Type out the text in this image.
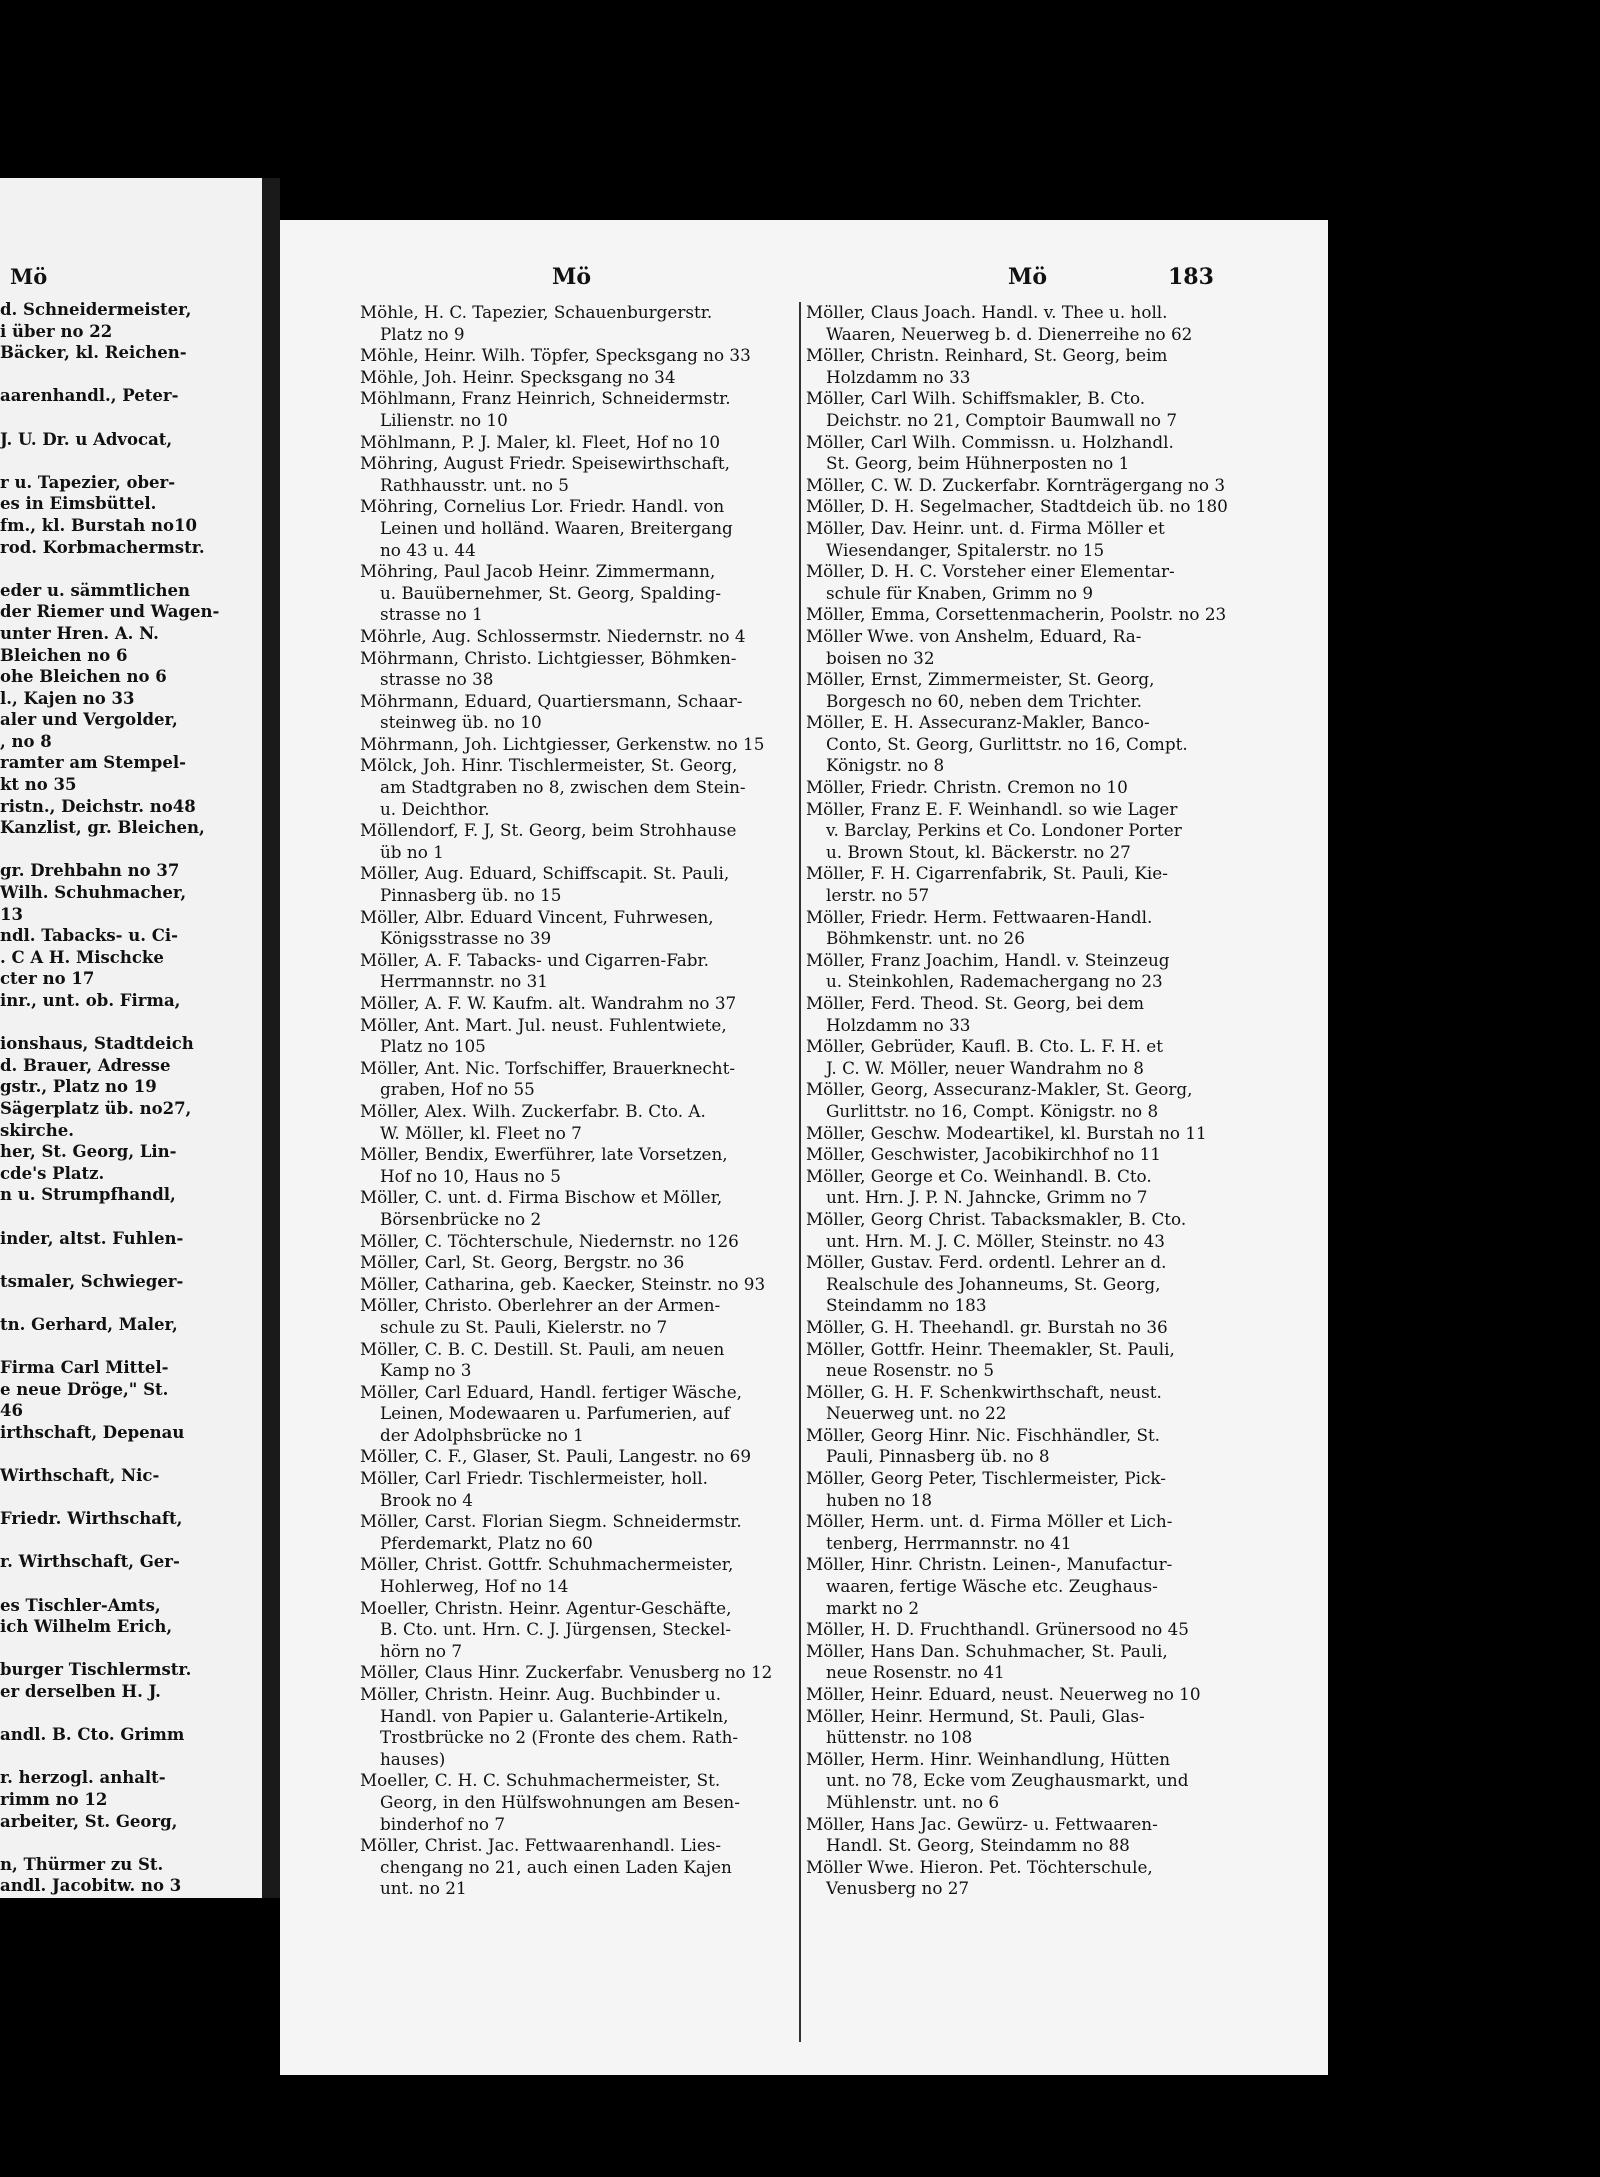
Mö
d. Schneidermeister,
i über no 22
Bäcker, kl. Reichen-
aarenhandl., Peter-
J. U. Dr. u Advocat,
r u. Tapezier, ober-
es in Eimsbüttel.
fm., kl. Burstah no10
rod. Korbmachermstr.
eder u. sämmtlichen
der Riemer und Wagen-
unter Hren. A. N.
Bleichen no 6
ohe Bleichen no 6
l., Kajen no 33
aler und Vergolder,
, no 8
ramter am Stempel-
kt no 35
ristn., Deichstr. no48
Kanzlist, gr. Bleichen,
gr. Drehbahn no 37
Wilh. Schuhmacher,
13
ndl. Tabacks- u. Ci-
. C A H. Mischcke
cter no 17
inr., unt. ob. Firma,
ionshaus, Stadtdeich
d. Brauer, Adresse
gstr., Platz no 19
Sägerplatz üb. no27,
skirche.
her, St. Georg, Lin-
cde's Platz.
n u. Strumpfhandl,
inder, altst. Fuhlen-
tsmaler, Schwieger-
tn. Gerhard, Maler,
Firma Carl Mittel-
e neue Dröge," St.
46
irthschaft, Depenau
Wirthschaft, Nic-
Friedr. Wirthschaft,
r. Wirthschaft, Ger-
es Tischler-Amts,
ich Wilhelm Erich,
burger Tischlermstr.
er derselben H. J.
andl. B. Cto. Grimm
r. herzogl. anhalt-
rimm no 12
arbeiter, St. Georg,
n, Thürmer zu St.
andl. Jacobitw. no 3
Mö	Mö	183

Möhle, H. C. Tapezier, Schauenburgerstr.
Platz no 9

Möhle, Heinr. Wilh. Töpfer, Specksgang no 33

Möhle, Joh. Heinr. Specksgang no 34

Möhlmann, Franz Heinrich, Schneidermstr.
Lilienstr. no 10

Möhlmann, P. J. Maler, kl. Fleet, Hof no 10

Möhring, August Friedr. Speisewirthschaft,
Rathhausstr. unt. no 5

Möhring, Cornelius Lor. Friedr. Handl. von
Leinen und holländ. Waaren, Breitergang
no 43 u. 44

Möhring, Paul Jacob Heinr. Zimmermann,
u. Bauübernehmer, St. Georg, Spalding-
strasse no 1

Möhrle, Aug. Schlossermstr. Niedernstr. no 4

Möhrmann, Christo. Lichtgiesser, Böhmken-
strasse no 38

Möhrmann, Eduard, Quartiersmann, Schaar-
steinweg üb. no 10

Möhrmann, Joh. Lichtgiesser, Gerkenstw. no 15

Mölck, Joh. Hinr. Tischlermeister, St. Georg,
am Stadtgraben no 8, zwischen dem Stein-
u. Deichthor.

Möllendorf, F. J, St. Georg, beim Strohhause
üb no 1

Möller, Aug. Eduard, Schiffscapit. St. Pauli,
Pinnasberg üb. no 15

Möller, Albr. Eduard Vincent, Fuhrwesen,
Königsstrasse no 39

Möller, A. F. Tabacks- und Cigarren-Fabr.
Herrmannstr. no 31

Möller, A. F. W. Kaufm. alt. Wandrahm no 37

Möller, Ant. Mart. Jul. neust. Fuhlentwiete,
Platz no 105

Möller, Ant. Nic. Torfschiffer, Brauerknecht-
graben, Hof no 55

Möller, Alex. Wilh. Zuckerfabr. B. Cto. A.
W. Möller, kl. Fleet no 7

Möller, Bendix, Ewerführer, late Vorsetzen,
Hof no 10, Haus no 5

Möller, C. unt. d. Firma Bischow et Möller,
Börsenbrücke no 2

Möller, C. Töchterschule, Niedernstr. no 126

Möller, Carl, St. Georg, Bergstr. no 36

Möller, Catharina, geb. Kaecker, Steinstr. no 93

Möller, Christo. Oberlehrer an der Armen-
schule zu St. Pauli, Kielerstr. no 7

Möller, C. B. C. Destill. St. Pauli, am neuen
Kamp no 3

Möller, Carl Eduard, Handl. fertiger Wäsche,
Leinen, Modewaaren u. Parfumerien, auf
der Adolphsbrücke no 1

Möller, C. F., Glaser, St. Pauli, Langestr. no 69

Möller, Carl Friedr. Tischlermeister, holl.
Brook no 4

Möller, Carst. Florian Siegm. Schneidermstr.
Pferdemarkt, Platz no 60

Möller, Christ. Gottfr. Schuhmachermeister,
Hohlerweg, Hof no 14

Moeller, Christn. Heinr. Agentur-Geschäfte,
B. Cto. unt. Hrn. C. J. Jürgensen, Steckel-
hörn no 7

Möller, Claus Hinr. Zuckerfabr. Venusberg no 12

Möller, Christn. Heinr. Aug. Buchbinder u.
Handl. von Papier u. Galanterie-Artikeln,
Trostbrücke no 2 (Fronte des chem. Rath-
hauses)

Moeller, C. H. C. Schuhmachermeister, St.
Georg, in den Hülfswohnungen am Besen-
binderhof no 7

Möller, Christ. Jac. Fettwaarenhandl. Lies-
chengang no 21, auch einen Laden Kajen
unt. no 21

Möller, Claus Joach. Handl. v. Thee u. holl.
Waaren, Neuerweg b. d. Dienerreihe no 62

Möller, Christn. Reinhard, St. Georg, beim
Holzdamm no 33

Möller, Carl Wilh. Schiffsmakler, B. Cto.
Deichstr. no 21, Comptoir Baumwall no 7

Möller, Carl Wilh. Commissn. u. Holzhandl.
St. Georg, beim Hühnerposten no 1

Möller, C. W. D. Zuckerfabr. Kornträgergang no 3

Möller, D. H. Segelmacher, Stadtdeich üb. no 180

Möller, Dav. Heinr. unt. d. Firma Möller et
Wiesendanger, Spitalerstr. no 15

Möller, D. H. C. Vorsteher einer Elementar-
schule für Knaben, Grimm no 9

Möller, Emma, Corsettenmacherin, Poolstr. no 23

Möller Wwe. von Anshelm, Eduard, Ra-
boisen no 32

Möller, Ernst, Zimmermeister, St. Georg,
Borgesch no 60, neben dem Trichter.

Möller, E. H. Assecuranz-Makler, Banco-
Conto, St. Georg, Gurlittstr. no 16, Compt.
Königstr. no 8

Möller, Friedr. Christn. Cremon no 10

Möller, Franz E. F. Weinhandl. so wie Lager
v. Barclay, Perkins et Co. Londoner Porter
u. Brown Stout, kl. Bäckerstr. no 27

Möller, F. H. Cigarrenfabrik, St. Pauli, Kie-
lerstr. no 57

Möller, Friedr. Herm. Fettwaaren-Handl.
Böhmkenstr. unt. no 26

Möller, Franz Joachim, Handl. v. Steinzeug
u. Steinkohlen, Rademachergang no 23

Möller, Ferd. Theod. St. Georg, bei dem
Holzdamm no 33

Möller, Gebrüder, Kaufl. B. Cto. L. F. H. et
J. C. W. Möller, neuer Wandrahm no 8

Möller, Georg, Assecuranz-Makler, St. Georg,
Gurlittstr. no 16, Compt. Königstr. no 8

Möller, Geschw. Modeartikel, kl. Burstah no 11

Möller, Geschwister, Jacobikirchhof no 11

Möller, George et Co. Weinhandl. B. Cto.
unt. Hrn. J. P. N. Jahncke, Grimm no 7

Möller, Georg Christ. Tabacksmakler, B. Cto.
unt. Hrn. M. J. C. Möller, Steinstr. no 43

Möller, Gustav. Ferd. ordentl. Lehrer an d.
Realschule des Johanneums, St. Georg,
Steindamm no 183

Möller, G. H. Theehandl. gr. Burstah no 36

Möller, Gottfr. Heinr. Theemakler, St. Pauli,
neue Rosenstr. no 5

Möller, G. H. F. Schenkwirthschaft, neust.
Neuerweg unt. no 22

Möller, Georg Hinr. Nic. Fischhändler, St.
Pauli, Pinnasberg üb. no 8

Möller, Georg Peter, Tischlermeister, Pick-
huben no 18

Möller, Herm. unt. d. Firma Möller et Lich-
tenberg, Herrmannstr. no 41

Möller, Hinr. Christn. Leinen-, Manufactur-
waaren, fertige Wäsche etc. Zeughaus-
markt no 2

Möller, H. D. Fruchthandl. Grünersood no 45

Möller, Hans Dan. Schuhmacher, St. Pauli,
neue Rosenstr. no 41

Möller, Heinr. Eduard, neust. Neuerweg no 10

Möller, Heinr. Hermund, St. Pauli, Glas-
hüttenstr. no 108

Möller, Herm. Hinr. Weinhandlung, Hütten
unt. no 78, Ecke vom Zeughausmarkt, und
Mühlenstr. unt. no 6

Möller, Hans Jac. Gewürz- u. Fettwaaren-
Handl. St. Georg, Steindamm no 88

Möller Wwe. Hieron. Pet. Töchterschule,
Venusberg no 27
